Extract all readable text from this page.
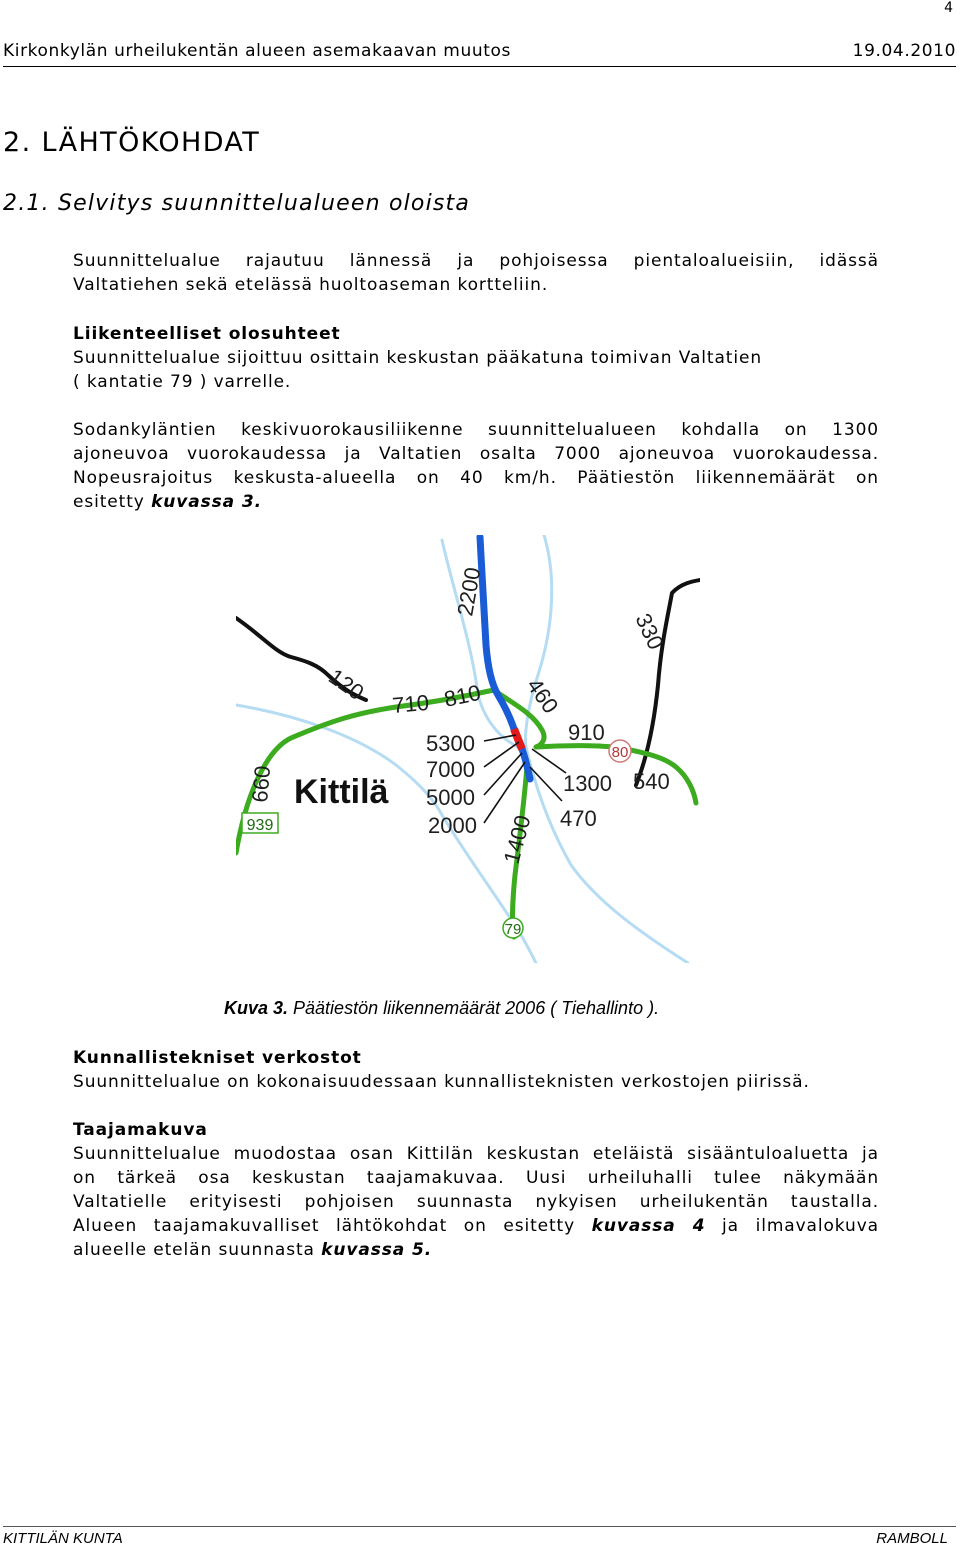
4
Kirkonkylän urheilukentän alueen asemakaavan muutos	19.04.2010
2. LÄHTÖKOHDAT
2.1. Selvitys suunnittelualueen oloista
Suunnittelualue rajautuu lännessä ja pohjoisessa pientaloalueisiin, idässä
Valtatiehen sekä etelässä huoltoaseman kortteliin.
Liikenteelliset olosuhteet
Suunnittelualue sijoittuu osittain keskustan pääkatuna toimivan Valtatien
( kantatie 79 ) varrelle.
Sodankyläntien keskivuorokausiliikenne suunnittelualueen kohdalla on 1300
ajoneuvoa vuorokaudessa ja Valtatien osalta 7000 ajoneuvoa vuorokaudessa.
Nopeusrajoitus keskusta-alueella on 40 km/h. Päätiestön liikennemäärät on
esitetty kuvassa 3.
2200
330
120 710 810 460
910
5300
7000
5000
2000
1300 540
470
1400
660
80
939
79
Kittilä
Kuva 3. Päätiestön liikennemäärät 2006 ( Tiehallinto ).
Kunnallistekniset verkostot
Suunnittelualue on kokonaisuudessaan kunnallisteknisten verkostojen piirissä.
Taajamakuva
Suunnittelualue muodostaa osan Kittilän keskustan eteläistä sisääntuloaluetta ja
on tärkeä osa keskustan taajamakuvaa. Uusi urheiluhalli tulee näkymään
Valtatielle erityisesti pohjoisen suunnasta nykyisen urheilukentän taustalla.
Alueen taajamakuvalliset lähtökohdat on esitetty kuvassa 4 ja ilmavalokuva
alueelle etelän suunnasta kuvassa 5.
KITTILÄN KUNTA	RAMBOLL
